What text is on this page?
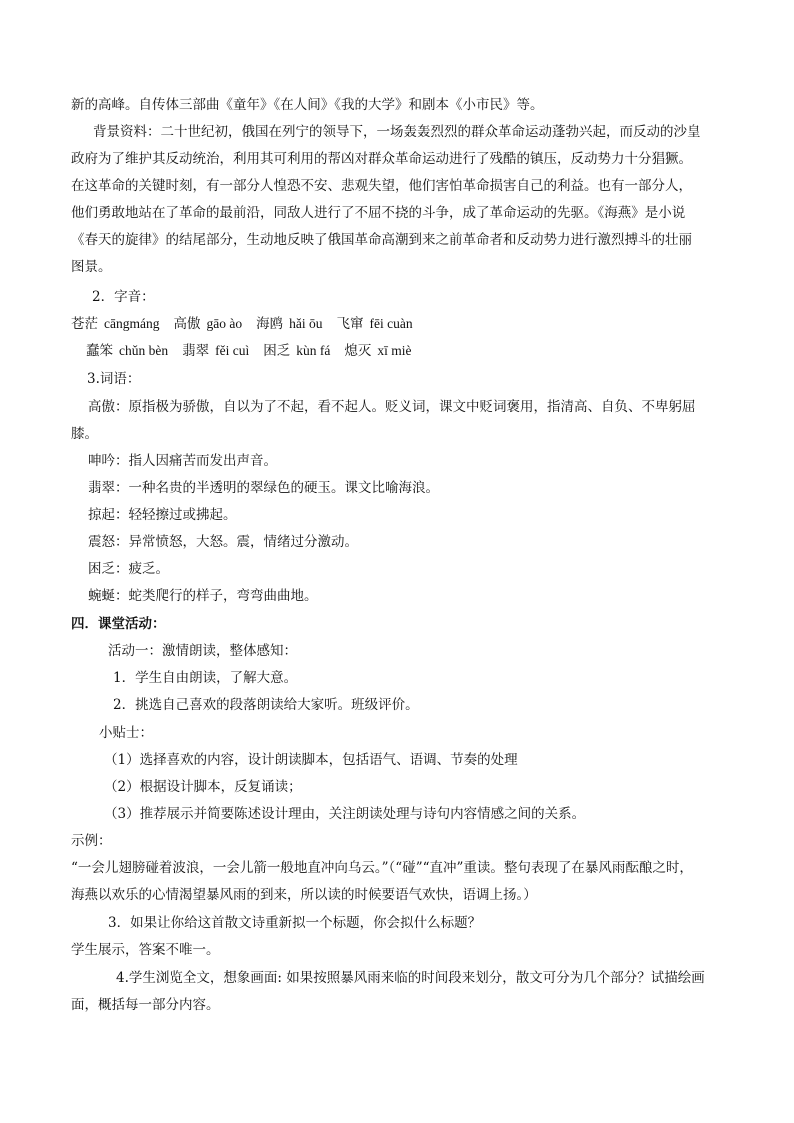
新的高峰。自传体三部曲《童年》《在人间》《我的大学》和剧本《小市民》等。

背景资料：二十世纪初，俄国在列宁的领导下，一场轰轰烈烈的群众革命运动蓬勃兴起，而反动的沙皇

政府为了维护其反动统治，利用其可利用的帮凶对群众革命运动进行了残酷的镇压，反动势力十分猖獗。

在这革命的关键时刻，有一部分人惶恐不安、悲观失望，他们害怕革命损害自己的利益。也有一部分人，

他们勇敢地站在了革命的最前沿，同敌人进行了不屈不挠的斗争，成了革命运动的先驱。《海燕》是小说

《春天的旋律》的结尾部分，生动地反映了俄国革命高潮到来之前革命者和反动势力进行激烈搏斗的壮丽

图景。

2．字音：

苍茫 cāngmáng 高傲 gāo ào 海鸥 hǎi ōu 飞窜 fēi cuàn

蠢笨 chǔn bèn 翡翠 fěi cuì 困乏 kùn fá 熄灭 xī miè

3.词语：

高傲：原指极为骄傲，自以为了不起，看不起人。贬义词，课文中贬词褒用，指清高、自负、不卑躬屈

膝。

呻吟：指人因痛苦而发出声音。

翡翠：一种名贵的半透明的翠绿色的硬玉。课文比喻海浪。

掠起：轻轻擦过或拂起。

震怒：异常愤怒，大怒。震，情绪过分激动。

困乏：疲乏。

蜿蜒：蛇类爬行的样子，弯弯曲曲地。

四．课堂活动：

活动一：激情朗读，整体感知：

1．学生自由朗读，了解大意。

2．挑选自己喜欢的段落朗读给大家听。班级评价。

小贴士：

（1）选择喜欢的内容，设计朗读脚本，包括语气、语调、节奏的处理

（2）根据设计脚本，反复诵读；

（3）推荐展示并简要陈述设计理由，关注朗读处理与诗句内容情感之间的关系。

示例：

“一会儿翅膀碰着波浪，一会儿箭一般地直冲向乌云。”（“碰”“直冲”重读。整句表现了在暴风雨酝酿之时，

海燕以欢乐的心情渴望暴风雨的到来，所以读的时候要语气欢快，语调上扬。）

3．如果让你给这首散文诗重新拟一个标题，你会拟什么标题？

学生展示，答案不唯一。

4.学生浏览全文，想象画面: 如果按照暴风雨来临的时间段来划分，散文可分为几个部分？试描绘画

面，概括每一部分内容。
